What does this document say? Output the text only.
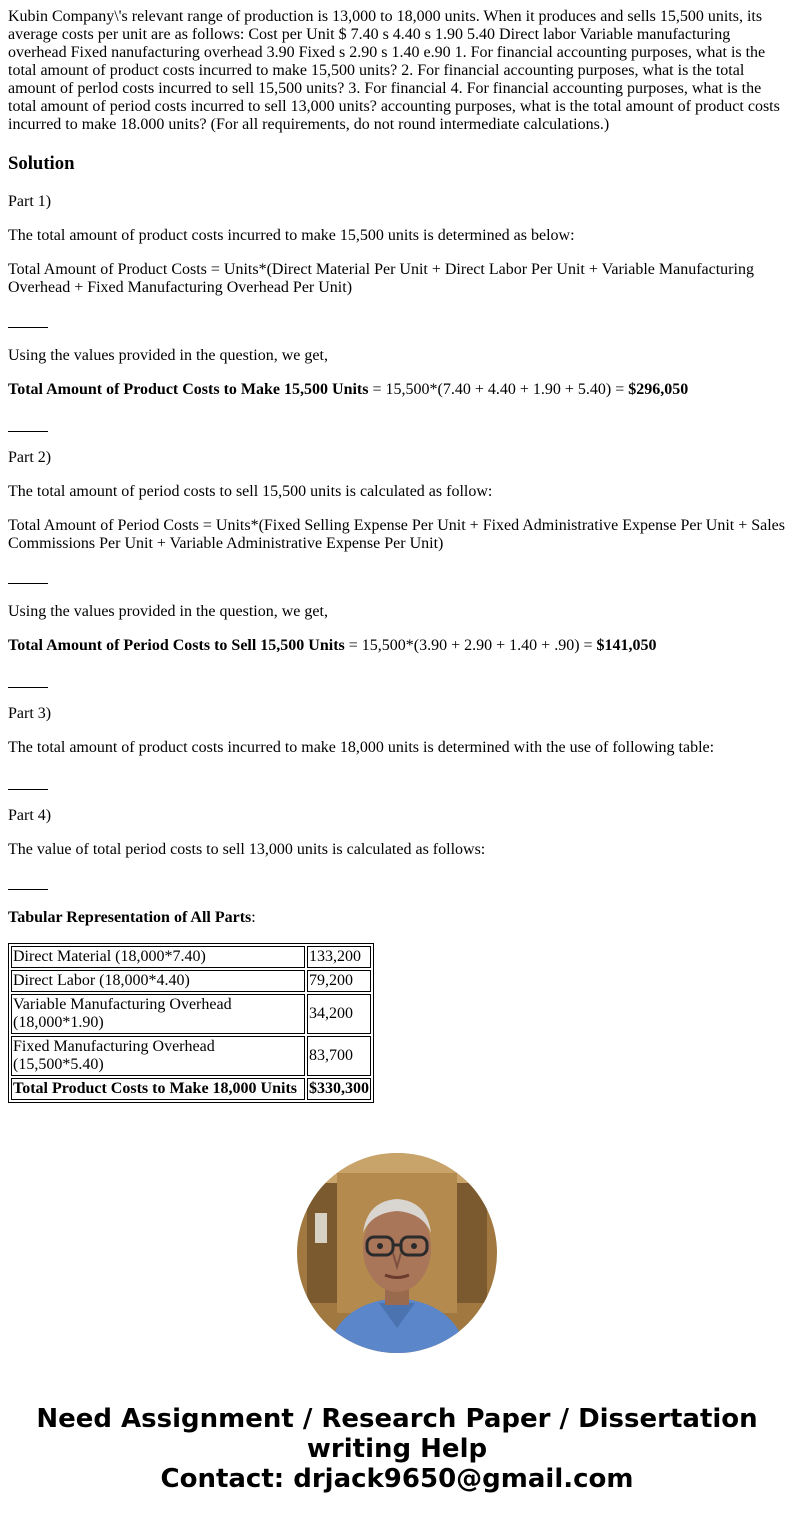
Kubin Company\'s relevant range of production is 13,000 to 18,000 units. When it produces and sells 15,500 units, its average costs per unit are as follows: Cost per Unit $ 7.40 s 4.40 s 1.90 5.40 Direct labor Variable manufacturing overhead Fixed nanufacturing overhead 3.90 Fixed s 2.90 s 1.40 e.90 1. For financial accounting purposes, what is the total amount of product costs incurred to make 15,500 units? 2. For financial accounting purposes, what is the total amount of perlod costs incurred to sell 15,500 units? 3. For financial 4. For financial accounting purposes, what is the total amount of period costs incurred to sell 13,000 units? accounting purposes, what is the total amount of product costs incurred to make 18.000 units? (For all requirements, do not round intermediate calculations.)

Solution

Part 1)

The total amount of product costs incurred to make 15,500 units is determined as below:

Total Amount of Product Costs = Units*(Direct Material Per Unit + Direct Labor Per Unit + Variable Manufacturing Overhead + Fixed Manufacturing Overhead Per Unit)

Using the values provided in the question, we get,

Total Amount of Product Costs to Make 15,500 Units = 15,500*(7.40 + 4.40 + 1.90 + 5.40) = $296,050

Part 2)

The total amount of period costs to sell 15,500 units is calculated as follow:

Total Amount of Period Costs = Units*(Fixed Selling Expense Per Unit + Fixed Administrative Expense Per Unit + Sales Commissions Per Unit + Variable Administrative Expense Per Unit)

Using the values provided in the question, we get,

Total Amount of Period Costs to Sell 15,500 Units = 15,500*(3.90 + 2.90 + 1.40 + .90) = $141,050

Part 3)

The total amount of product costs incurred to make 18,000 units is determined with the use of following table:

Part 4)

The value of total period costs to sell 13,000 units is calculated as follows:

Tabular Representation of All Parts:

Direct Material (18,000*7.40)	133,200
Direct Labor (18,000*4.40)	79,200
Variable Manufacturing Overhead (18,000*1.90)	34,200
Fixed Manufacturing Overhead (15,500*5.40)	83,700
Total Product Costs to Make 18,000 Units	$330,300
Need Assignment / Research Paper / Dissertation
writing Help
Contact: drjack9650@gmail.com
